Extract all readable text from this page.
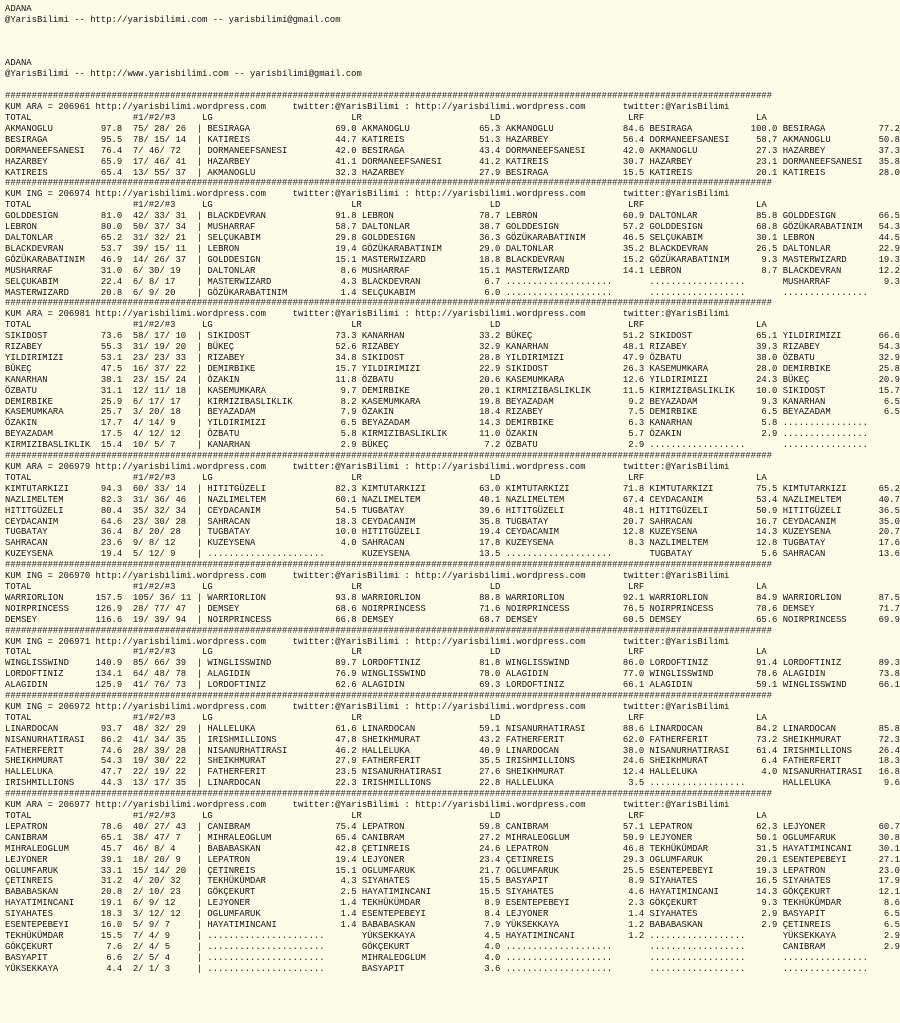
ADANA
@YarisBilimi -- http://yarisbilimi.com -- yarisbilimi@gmail.com
ADANA
@YarisBilimi -- http://www.yarisbilimi.com -- yarisbilimi@gmail.com
################################################################################################################################################
KUM ARA = 206961 http://yarisbilimi.wordpress.com	twitter:@YarisBilimi : http://yarisbilimi.wordpress.com	twitter:@YarisBilimi
TOTAL                   #1/#2/#3     LG                          LR                        LD                        LRF                     LA
AKMANOGLU         97.8 75/ 28/ 26  | BESIRAGA                69.0 AKMANOGLU             65.3 AKMANOGLU             84.6 BESIRAGA           100.0 BESIRAGA          77.2
BESIRAGA          95.5 78/ 15/ 14  | KATIREIS                44.7 KATIREIS              51.3 HAZARBEY              56.4 DORMANEEFSANESI     58.7 AKMANOGLU         50.8
DORMANEEFSANESI   76.4 7/ 46/ 72   | DORMANEEFSANESI         42.0 BESIRAGA              43.4 DORMANEEFSANESI       42.0 AKMANOGLU           27.3 HAZARBEY          37.3
HAZARBEY          65.9 17/ 46/ 41  | HAZARBEY                41.1 DORMANEEFSANESI       41.2 KATIREIS              30.7 HAZARBEY            23.1 DORMANEEFSANESI   35.8
KATIREIS          65.4 13/ 55/ 37  | AKMANOGLU               32.3 HAZARBEY              27.9 BESIRAGA              15.5 KATIREIS            20.1 KATIREIS          28.0
################################################################################################################################################
KUM ING = 206974 http://yarisbilimi.wordpress.com	twitter:@YarisBilimi : http://yarisbilimi.wordpress.com	twitter:@YarisBilimi
TOTAL                   #1/#2/#3     LG                          LR                        LD                        LRF                     LA
GOLDDESIGN        81.0 42/ 33/ 31  | BLACKDEVRAN             91.8 LEBRON                78.7 LEBRON                60.9 DALTONLAR           85.8 GOLDDESIGN        66.5
LEBRON            80.0 50/ 37/ 34  | MUSHARRAF               58.7 DALTONLAR             38.7 GOLDDESIGN            57.2 GOLDDESIGN          68.8 GÖZÜKARABATINIM   54.3
DALTONLAR         65.2 31/ 32/ 21  | SELÇUKABIM              29.8 GOLDDESIGN            36.3 GÖZÜKARABATINIM       46.5 SELÇUKABIM          30.1 LEBRON            44.5
BLACKDEVRAN       53.7 39/ 15/ 11  | LEBRON                  19.4 GÖZÜKARABATINIM       29.0 DALTONLAR             35.2 BLACKDEVRAN         26.5 DALTONLAR         22.9
GÖZÜKARABATINIM   46.9 14/ 26/ 37  | GOLDDESIGN              15.1 MASTERWIZARD          18.8 BLACKDEVRAN           15.2 GÖZÜKARABATINIM      9.3 MASTERWIZARD      19.3
MUSHARRAF         31.0 6/ 30/ 19   | DALTONLAR                8.6 MUSHARRAF             15.1 MASTERWIZARD          14.1 LEBRON               8.7 BLACKDEVRAN       12.2
SELÇUKABIM        22.4 6/ 8/ 17    | MASTERWIZARD             4.3 BLACKDEVRAN            6.7 ....................	..................	MUSHARRAF          9.3
MASTERWIZARD      20.8 6/ 9/ 20    | GÖZÜKARABATINIM          1.4 SELÇUKABIM             6.0 ....................	..................	................
################################################################################################################################################
KUM ARA = 206981 http://yarisbilimi.wordpress.com	twitter:@YarisBilimi : http://yarisbilimi.wordpress.com	twitter:@YarisBilimi
TOTAL                   #1/#2/#3     LG                          LR                        LD                        LRF                     LA
SIKIDOST          73.6 58/ 17/ 10  | SIKIDOST                73.3 KANARHAN              33.2 BÜKEÇ                 51.2 SIKIDOST            65.1 YILDIRIMIZI       66.6
RIZABEY           55.3 31/ 19/ 20  | BÜKEÇ                   52.6 RIZABEY               32.9 KANARHAN              48.1 RIZABEY             39.3 RIZABEY           54.3
YILDIRIMIZI       53.1 23/ 23/ 33  | RIZABEY                 34.8 SIKIDOST              28.8 YILDIRIMIZI           47.9 ÖZBATU              38.0 ÖZBATU            32.9
BÜKEÇ             47.5 16/ 37/ 22  | DEMIRBIKE               15.7 YILDIRIMIZI           22.9 SIKIDOST              26.3 KASEMUMKARA         28.0 DEMIRBIKE         25.8
KANARHAN          38.1 23/ 15/ 24  | ÖZAKIN                  11.8 ÖZBATU                20.6 KASEMUMKARA           12.6 YILDIRIMIZI         24.3 BÜKEÇ             20.9
ÖZBATU            31.1 12/ 11/ 18  | KASEMUMKARA              9.7 DEMIRBIKE             20.1 KIRMIZIBASLIKLIK      11.5 KIRMIZIBASLIKLIK    10.0 SIKIDOST          15.7
DEMIRBIKE         25.9 6/ 17/ 17   | KIRMIZIBASLIKLIK         8.2 KASEMUMKARA           19.8 BEYAZADAM              9.2 BEYAZADAM            9.3 KANARHAN           6.5
KASEMUMKARA       25.7 3/ 20/ 18   | BEYAZADAM                7.9 ÖZAKIN                18.4 RIZABEY                7.5 DEMIRBIKE            6.5 BEYAZADAM          6.5
ÖZAKIN            17.7 4/ 14/ 9    | YILDIRIMIZI              6.5 BEYAZADAM             14.3 DEMIRBIKE              6.3 KANARHAN             5.8 ................
BEYAZADAM         17.5 4/ 12/ 12   | ÖZBATU                   5.8 KIRMIZIBASLIKLIK      11.0 ÖZAKIN                 5.7 ÖZAKIN               2.9 ................
KIRMIZIBASLIKLIK  15.4 10/ 5/ 7    | KANARHAN                 2.9 BÜKEÇ                  7.2 ÖZBATU                 2.9 ..................	................
################################################################################################################################################
KUM ARA = 206979 http://yarisbilimi.wordpress.com	twitter:@YarisBilimi : http://yarisbilimi.wordpress.com	twitter:@YarisBilimi
TOTAL                   #1/#2/#3     LG                          LR                        LD                        LRF                     LA
KIMTUTARKIZI      94.3 60/ 33/ 14  | HITITGÜZELI             82.3 KIMTUTARKIZI          63.0 KIMTUTARKIZI          71.8 KIMTUTARKIZI        75.5 KIMTUTARKIZI      65.2
NAZLIMELTEM       82.3 31/ 36/ 46  | NAZLIMELTEM             60.1 NAZLIMELTEM           40.1 NAZLIMELTEM           67.4 CEYDACANIM          53.4 NAZLIMELTEM       40.7
HITITGÜZELI       80.4 35/ 32/ 34  | CEYDACANIM              54.5 TUGBATAY              39.6 HITITGÜZELI           48.1 HITITGÜZELI         50.9 HITITGÜZELI       36.5
CEYDACANIM        64.6 23/ 30/ 28  | SAHRACAN                18.3 CEYDACANIM            35.8 TUGBATAY              20.7 SAHRACAN            16.7 CEYDACANIM        35.0
TUGBATAY          36.4 8/ 20/ 28   | TUGBATAY                10.0 HITITGÜZELI           19.4 CEYDACANIM            12.8 KUZEYSENA           14.3 KUZEYSENA         20.7
SAHRACAN          23.6 9/ 8/ 12    | KUZEYSENA                4.0 SAHRACAN              17.8 KUZEYSENA              8.3 NAZLIMELTEM         12.8 TUGBATAY          17.6
KUZEYSENA         19.4 5/ 12/ 9    | ......................	KUZEYSENA             13.5 ....................	TUGBATAY             5.6 SAHRACAN          13.6
################################################################################################################################################
KUM ING = 206970 http://yarisbilimi.wordpress.com	twitter:@YarisBilimi : http://yarisbilimi.wordpress.com	twitter:@YarisBilimi
TOTAL                   #1/#2/#3     LG                          LR                        LD                        LRF                     LA
WARRIORLION      157.5 105/ 36/ 11 | WARRIORLION             93.8 WARRIORLION           88.8 WARRIORLION           92.1 WARRIORLION         84.9 WARRIORLION       87.5
NOIRPRINCESS     126.9 28/ 77/ 47  | DEMSEY                  68.6 NOIRPRINCESS          71.6 NOIRPRINCESS          76.5 NOIRPRINCESS        78.6 DEMSEY            71.7
DEMSEY           116.6 19/ 39/ 94  | NOIRPRINCESS            66.8 DEMSEY                68.7 DEMSEY                60.5 DEMSEY              65.6 NOIRPRINCESS      69.9
################################################################################################################################################
KUM ING = 206971 http://yarisbilimi.wordpress.com	twitter:@YarisBilimi : http://yarisbilimi.wordpress.com	twitter:@YarisBilimi
TOTAL                   #1/#2/#3     LG                          LR                        LD                        LRF                     LA
WINGLISSWIND     140.9 85/ 66/ 39  | WINGLISSWIND            89.7 LORDOFTINIZ           81.8 WINGLISSWIND          86.0 LORDOFTINIZ         91.4 LORDOFTINIZ       89.3
LORDOFTINIZ      134.1 64/ 48/ 78  | ALAGIDIN                76.9 WINGLISSWIND          78.0 ALAGIDIN              77.0 WINGLISSWIND        78.6 ALAGIDIN          73.8
ALAGIDIN         125.9 41/ 76/ 73  | LORDOFTINIZ             62.6 ALAGIDIN              69.3 LORDOFTINIZ           66.1 ALAGIDIN            59.1 WINGLISSWIND      66.1
################################################################################################################################################
KUM ING = 206972 http://yarisbilimi.wordpress.com	twitter:@YarisBilimi : http://yarisbilimi.wordpress.com	twitter:@YarisBilimi
TOTAL                   #1/#2/#3     LG                          LR                        LD                        LRF                     LA
LINARDOCAN        93.7 48/ 32/ 29  | HALLELUKA               61.6 LINARDOCAN            59.1 NISANURHATIRASI       88.6 LINARDOCAN          84.2 LINARDOCAN        85.8
NISANURHATIRASI   86.2 41/ 34/ 35  | IRISHMILLIONS           47.8 SHEIKHMURAT           43.2 FATHERFERIT           62.0 FATHERFERIT         73.2 SHEIKHMURAT       72.3
FATHERFERIT       74.6 28/ 39/ 28  | NISANURHATIRASI         46.2 HALLELUKA             40.9 LINARDOCAN            38.0 NISANURHATIRASI     61.4 IRISHMILLIONS     26.4
SHEIKHMURAT       54.3 19/ 30/ 22  | SHEIKHMURAT             27.9 FATHERFERIT           35.5 IRISHMILLIONS         24.6 SHEIKHMURAT          6.4 FATHERFERIT       18.3
HALLELUKA         47.7 22/ 19/ 22  | FATHERFERIT             23.5 NISANURHATIRASI       27.6 SHEIKHMURAT           12.4 HALLELUKA            4.0 NISANURHATIRASI   16.8
IRISHMILLIONS     44.3 13/ 17/ 35  | LINARDOCAN              22.3 IRISHMILLIONS         22.8 HALLELUKA              3.5 ..................	HALLELUKA          9.6
################################################################################################################################################
KUM ARA = 206977 http://yarisbilimi.wordpress.com	twitter:@YarisBilimi : http://yarisbilimi.wordpress.com	twitter:@YarisBilimi
TOTAL                   #1/#2/#3     LG                          LR                        LD                        LRF                     LA
LEPATRON          78.6 40/ 27/ 43  | CANIBRAM                75.4 LEPATRON              59.8 CANIBRAM              57.1 LEPATRON            62.3 LEJYONER          60.7
CANIBRAM          65.1 38/ 47/ 7   | MIHRALEOGLUM            65.4 CANIBRAM              27.2 MIHRALEOGLUM          50.9 LEJYONER            50.1 OGLUMFARUK        30.8
MIHRALEOGLUM      45.7 46/ 8/ 4    | BABABASKAN              42.8 ÇETINREIS             24.6 LEPATRON              46.8 TEKHÜKÜMDAR         31.5 HAYATIMINCANI     30.1
LEJYONER          39.1 18/ 20/ 9   | LEPATRON                19.4 LEJYONER              23.4 ÇETINREIS             29.3 OGLUMFARUK          20.1 ESENTEPEBEYI      27.1
OGLUMFARUK        33.1 15/ 14/ 20  | ÇETINREIS               15.1 OGLUMFARUK            21.7 OGLUMFARUK            25.5 ESENTEPEBEYI        19.3 LEPATRON          23.0
ÇETINREIS         31.2 4/ 20/ 32   | TEKHÜKÜMDAR              4.3 SIYAHATES             15.5 BASYAPIT               8.9 SIYAHATES           16.5 SIYAHATES         17.9
BABABASKAN        20.8 2/ 10/ 23   | GÖKÇEKURT                2.5 HAYATIMINCANI         15.5 SIYAHATES              4.6 HAYATIMINCANI       14.3 GÖKÇEKURT         12.1
HAYATIMINCANI     19.1 6/ 9/ 12    | LEJYONER                 1.4 TEKHÜKÜMDAR            8.9 ESENTEPEBEYI           2.3 GÖKÇEKURT            9.3 TEKHÜKÜMDAR        8.6
SIYAHATES         18.3 3/ 12/ 12   | OGLUMFARUK               1.4 ESENTEPEBEYI           8.4 LEJYONER               1.4 SIYAHATES            2.9 BASYAPIT           6.5
ESENTEPEBEYI      16.0 5/ 9/ 7     | HAYATIMINCANI            1.4 BABABASKAN             7.9 YÜKSEKKAYA             1.2 BABABASKAN           2.9 ÇETINREIS          6.5
TEKHÜKÜMDAR       15.5 7/ 4/ 9     | ......................	YÜKSEKKAYA             4.5 HAYATIMINCANI          1.2 ..................	YÜKSEKKAYA         2.9
GÖKÇEKURT          7.6 2/ 4/ 5     | ......................	GÖKÇEKURT              4.0 ....................	..................	CANIBRAM           2.9
BASYAPIT           6.6 2/ 5/ 4     | ......................	MIHRALEOGLUM           4.0 ....................	..................	................
YÜKSEKKAYA         4.4 2/ 1/ 3     | ......................	BASYAPIT               3.6 ....................	..................	................
